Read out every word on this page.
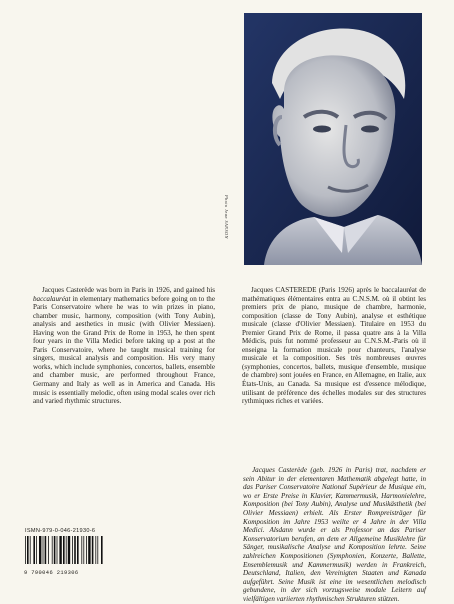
Photo Jean SANSON
Jacques Casterède was born in Paris in 1926, and gained his baccalauréat in elementary mathematics before going on to the Paris Conservatoire where he was to win prizes in piano, chamber music, harmony, composition (with Tony Aubin), analysis and aesthetics in music (with Olivier Messiaen). Having won the Grand Prix de Rome in 1953, he then spent four years in the Villa Medici before taking up a post at the Paris Conservatoire, where he taught musical training for singers, musical analysis and composition. His very many works, which include symphonies, concertos, ballets, ensemble and chamber music, are performed throughout France, Germany and Italy as well as in America and Canada. His music is essentially melodic, often using modal scales over rich and varied rhythmic structures.
Jacques CASTEREDE (Paris 1926) après le baccalauréat de mathématiques élémentaires entra au C.N.S.M. où il obtint les premiers prix de piano, musique de chambre, harmonie, composition (classe de Tony Aubin), analyse et esthétique musicale (classe d'Olivier Messiaen). Titulaire en 1953 du Premier Grand Prix de Rome, il passa quatre ans à la Villa Médicis, puis fut nommé professeur au C.N.S.M.-Paris où il enseigna la formation musicale pour chanteurs, l'analyse musicale et la composition. Ses très nombreuses œuvres (symphonies, concertos, ballets, musique d'ensemble, musique de chambre) sont jouées en France, en Allemagne, en Italie, aux États-Unis, au Canada. Sa musique est d'essence mélodique, utilisant de préférence des échelles modales sur des structures rythmiques riches et variées.
Jacques Casterède (geb. 1926 in Paris) trat, nachdem er sein Abitur in der elementaren Mathematik abgelegt hatte, in das Pariser Conservatoire National Supérieur de Musique ein, wo er Erste Preise in Klavier, Kammermusik, Harmonielehre, Komposition (bei Tony Aubin), Analyse und Musikästhetik (bei Olivier Messiaen) erhielt. Als Erster Rompreisträger für Komposition im Jahre 1953 weilte er 4 Jahre in der Villa Medici. Alsdann wurde er als Professor an das Pariser Konservatorium berufen, an dem er Allgemeine Musiklehre für Sänger, musikalische Analyse und Komposition lehrte. Seine zahlreichen Kompositionen (Symphonien, Konzerte, Ballette, Ensemblemusik und Kammermusik) werden in Frankreich, Deutschland, Italien, den Vereinigten Staaten und Kanada aufgeführt. Seine Musik ist eine im wesentlichen melodisch gebundene, in der sich vorzugsweise modale Leitern auf vielfältigen variierten rhythmischen Strukturen stützen.
ISMN-979-0-046-21930-6
9 790046 219306
